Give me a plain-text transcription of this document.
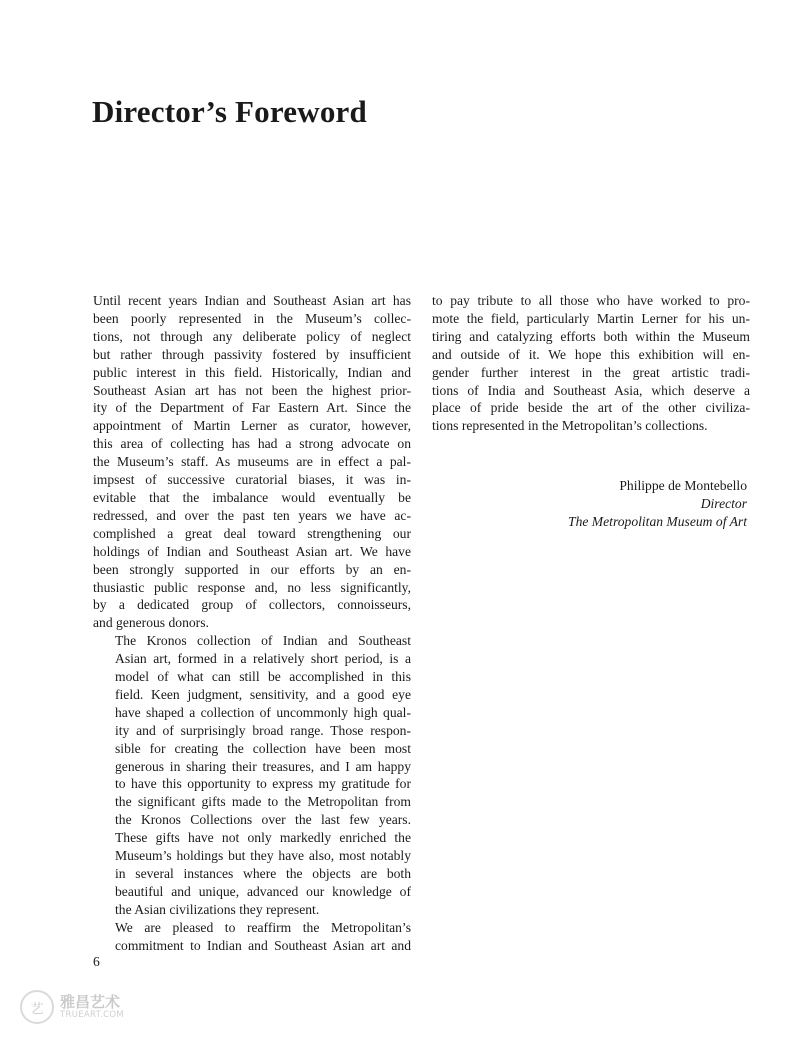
Director’s Foreword

Until recent years Indian and Southeast Asian art has
been poorly represented in the Museum’s collec-
tions, not through any deliberate policy of neglect
but rather through passivity fostered by insufficient
public interest in this field. Historically, Indian and
Southeast Asian art has not been the highest prior-
ity of the Department of Far Eastern Art. Since the
appointment of Martin Lerner as curator, however,
this area of collecting has had a strong advocate on
the Museum’s staff. As museums are in effect a pal-
impsest of successive curatorial biases, it was in-
evitable that the imbalance would eventually be
redressed, and over the past ten years we have ac-
complished a great deal toward strengthening our
holdings of Indian and Southeast Asian art. We have
been strongly supported in our efforts by an en-
thusiastic public response and, no less significantly,
by a dedicated group of collectors, connoisseurs,
and generous donors.

The Kronos collection of Indian and Southeast
Asian art, formed in a relatively short period, is a
model of what can still be accomplished in this
field. Keen judgment, sensitivity, and a good eye
have shaped a collection of uncommonly high qual-
ity and of surprisingly broad range. Those respon-
sible for creating the collection have been most
generous in sharing their treasures, and I am happy
to have this opportunity to express my gratitude for
the significant gifts made to the Metropolitan from
the Kronos Collections over the last few years.
These gifts have not only markedly enriched the
Museum’s holdings but they have also, most notably
in several instances where the objects are both
beautiful and unique, advanced our knowledge of
the Asian civilizations they represent.

We are pleased to reaffirm the Metropolitan’s
commitment to Indian and Southeast Asian art and

to pay tribute to all those who have worked to pro-
mote the field, particularly Martin Lerner for his un-
tiring and catalyzing efforts both within the Museum
and outside of it. We hope this exhibition will en-
gender further interest in the great artistic tradi-
tions of India and Southeast Asia, which deserve a
place of pride beside the art of the other civiliza-
tions represented in the Metropolitan’s collections.

Philippe de Montebello
Director
The Metropolitan Museum of Art
6
艺	雅昌艺术
TRUEART.COM
